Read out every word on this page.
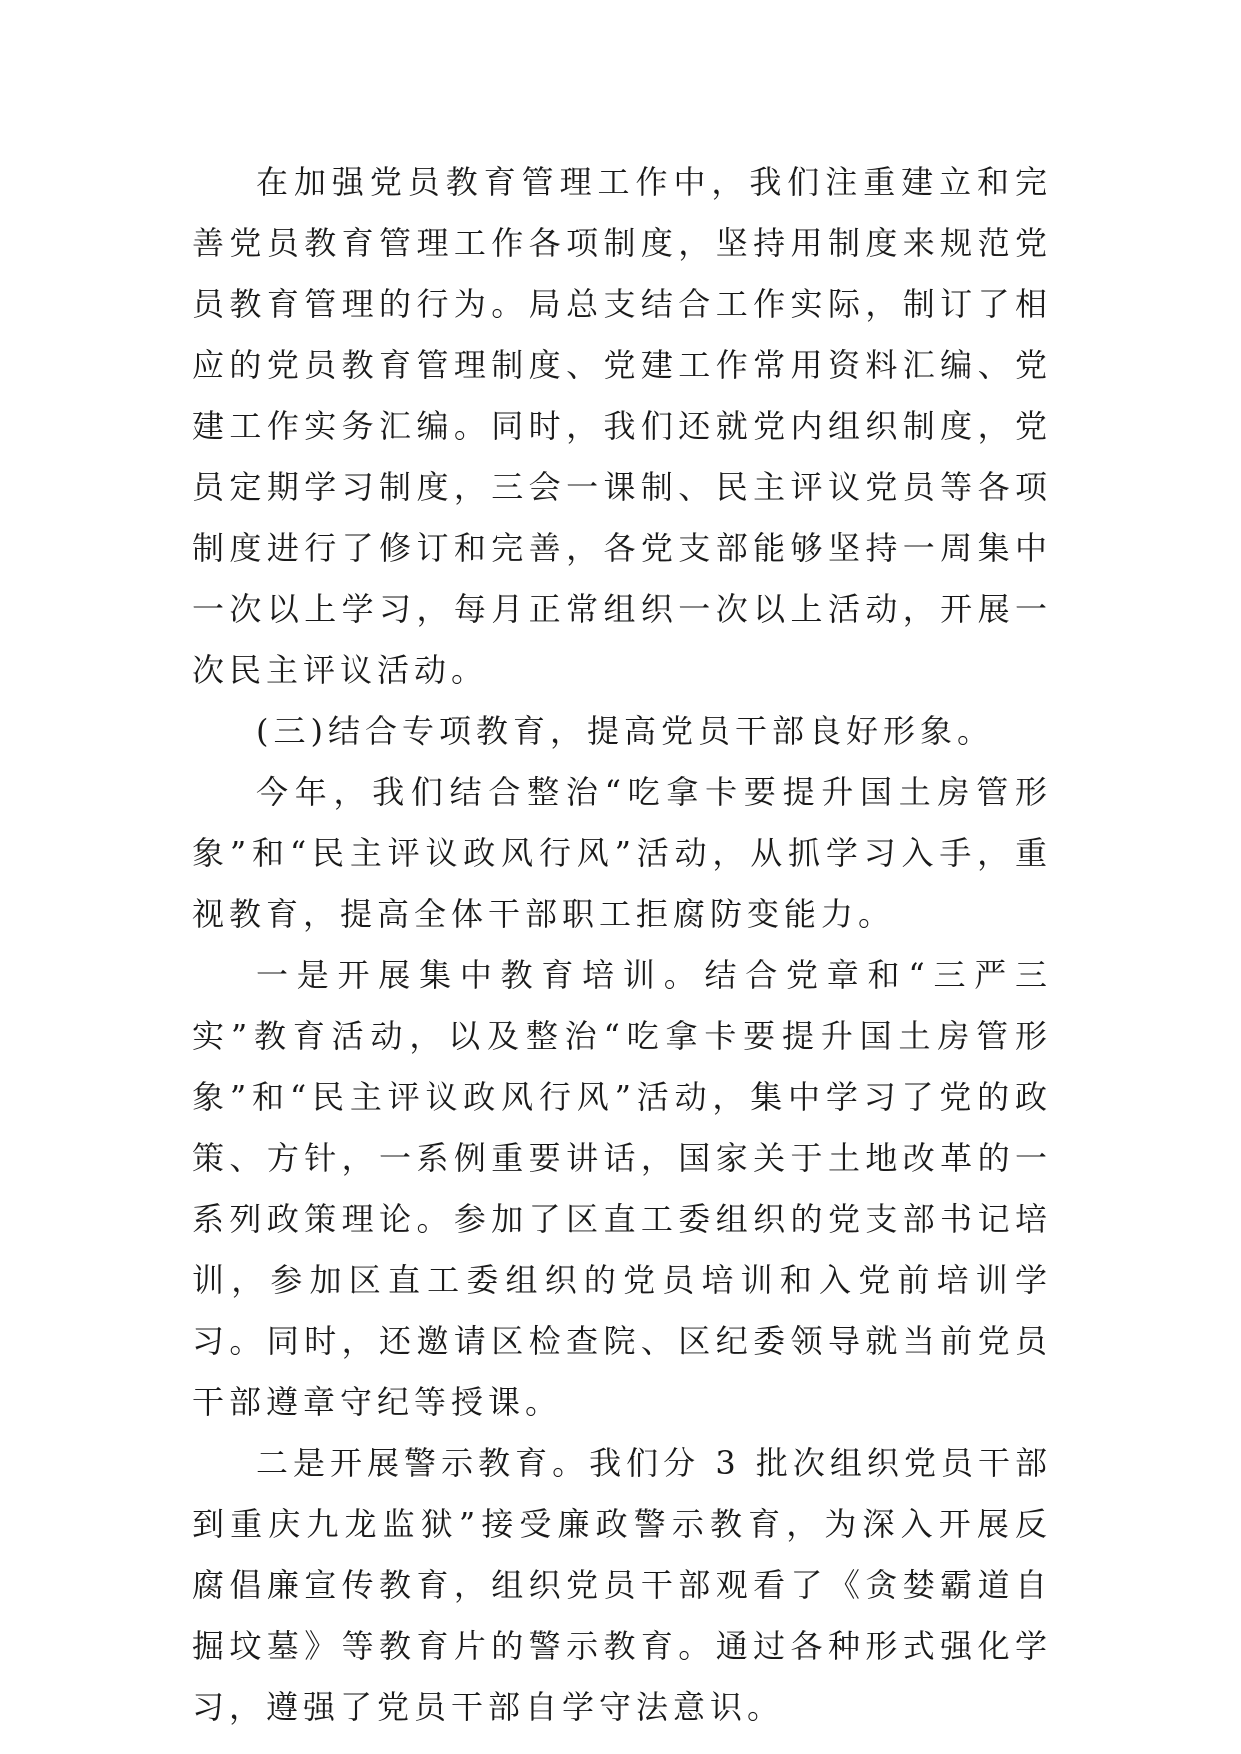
在加强党员教育管理工作中，我们注重建立和完善党员教育管理工作各项制度，坚持用制度来规范党员教育管理的行为。局总支结合工作实际，制订了相应的党员教育管理制度、党建工作常用资料汇编、党建工作实务汇编。同时，我们还就党内组织制度，党员定期学习制度，三会一课制、民主评议党员等各项制度进行了修订和完善，各党支部能够坚持一周集中一次以上学习，每月正常组织一次以上活动，开展一次民主评议活动。

(三)结合专项教育，提高党员干部良好形象。

今年，我们结合整治“吃拿卡要提升国土房管形象”和“民主评议政风行风”活动，从抓学习入手，重视教育，提高全体干部职工拒腐防变能力。

一是开展集中教育培训。结合党章和“三严三实”教育活动，以及整治“吃拿卡要提升国土房管形象”和“民主评议政风行风”活动，集中学习了党的政策、方针，一系例重要讲话，国家关于土地改革的一系列政策理论。参加了区直工委组织的党支部书记培训，参加区直工委组织的党员培训和入党前培训学习。同时，还邀请区检查院、区纪委领导就当前党员干部遵章守纪等授课。

二是开展警示教育。我们分 3 批次组织党员干部到重庆九龙监狱”接受廉政警示教育，为深入开展反腐倡廉宣传教育，组织党员干部观看了《贪婪霸道自掘坟墓》等教育片的警示教育。通过各种形式强化学习，遵强了党员干部自学守法意识。
